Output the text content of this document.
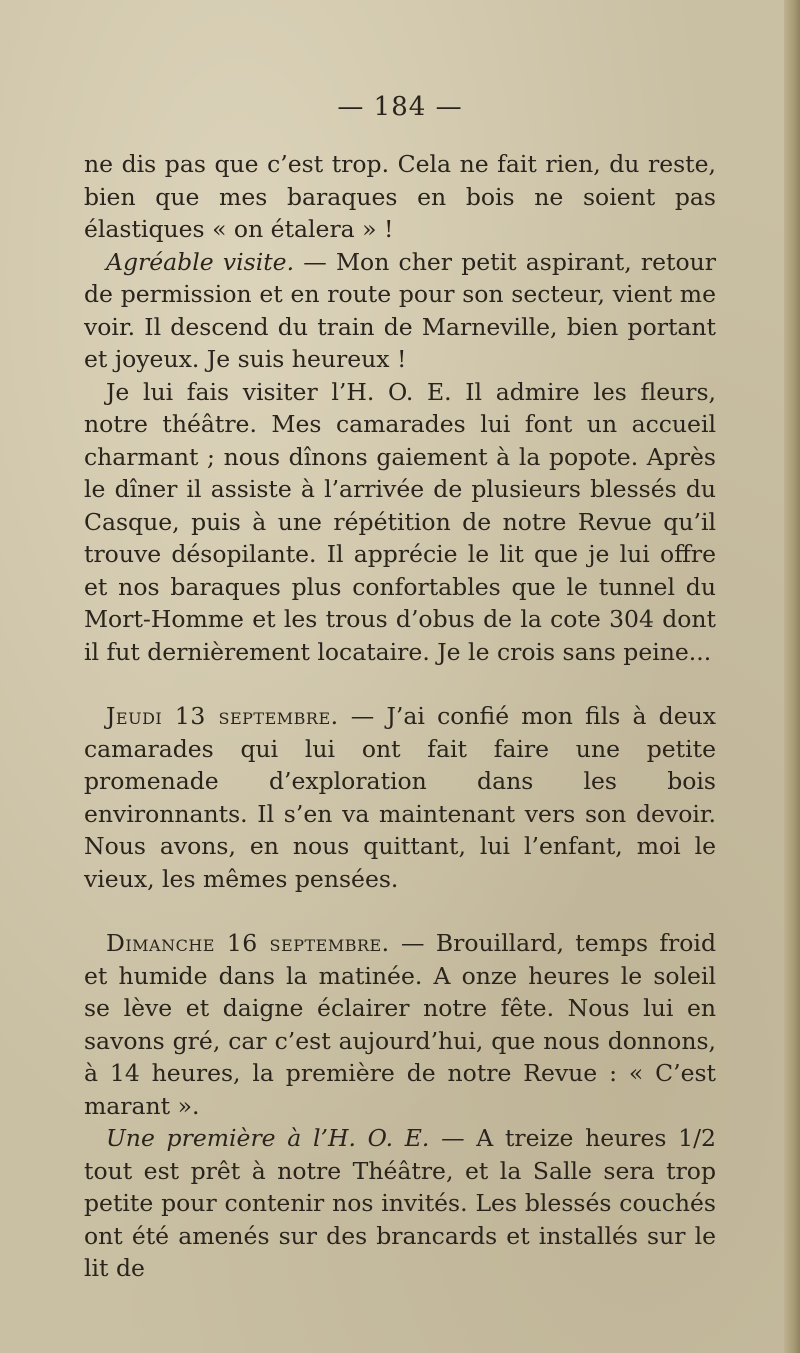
— 184 —

ne dis pas que c’est trop. Cela ne fait rien, du reste, bien que mes baraques en bois ne soient pas élastiques « on étalera » !

Agréable visite. — Mon cher petit aspirant, retour de permission et en route pour son secteur, vient me voir. Il descend du train de Marneville, bien portant et joyeux. Je suis heureux !

Je lui fais visiter l’H. O. E. Il admire les fleurs, notre théâtre. Mes camarades lui font un accueil charmant ; nous dînons gaiement à la popote. Après le dîner il assiste à l’arrivée de plusieurs blessés du Casque, puis à une répétition de notre Revue qu’il trouve désopilante. Il apprécie le lit que je lui offre et nos baraques plus confortables que le tunnel du Mort-Homme et les trous d’obus de la cote 304 dont il fut dernièrement locataire. Je le crois sans peine...

Jeudi 13 septembre. — J’ai confié mon fils à deux camarades qui lui ont fait faire une petite promenade d’exploration dans les bois environnants. Il s’en va maintenant vers son devoir. Nous avons, en nous quittant, lui l’enfant, moi le vieux, les mêmes pensées.

Dimanche 16 septembre. — Brouillard, temps froid et humide dans la matinée. A onze heures le soleil se lève et daigne éclairer notre fête. Nous lui en savons gré, car c’est aujourd’hui, que nous donnons, à 14 heures, la première de notre Revue : « C’est marant ».

Une première à l’H. O. E. — A treize heures 1/2 tout est prêt à notre Théâtre, et la Salle sera trop petite pour contenir nos invités. Les blessés couchés ont été amenés sur des brancards et installés sur le lit de
